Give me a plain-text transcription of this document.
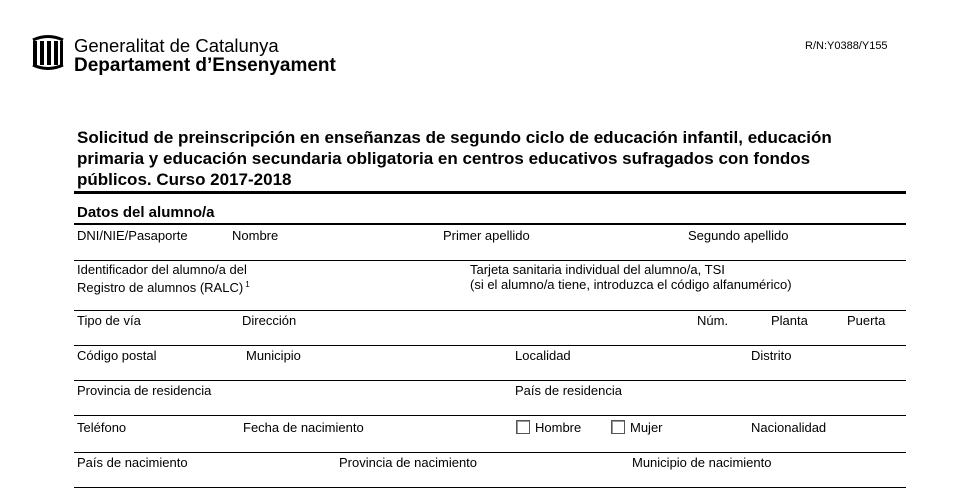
Generalitat de Catalunya
Departament d’Ensenyament
R/N:Y0388/Y155
Solicitud de preinscripción en enseñanzas de segundo ciclo de educación infantil, educación
primaria y educación secundaria obligatoria en centros educativos sufragados con fondos
públicos. Curso 2017-2018
Datos del alumno/a
DNI/NIE/Pasaporte	Nombre	Primer apellido	Segundo apellido
Identificador del alumno/a del
Registro de alumnos (RALC) $^1$
Tarjeta sanitaria individual del alumno/a, TSI
(si el alumno/a tiene, introduzca el código alfanumérico)
Tipo de vía	Dirección	Núm.	Planta	Puerta
Código postal	Municipio	Localidad	Distrito
Provincia de residencia	País de residencia
Teléfono	Fecha de nacimiento	Hombre	Mujer	Nacionalidad
País de nacimiento	Provincia de nacimiento	Municipio de nacimiento
